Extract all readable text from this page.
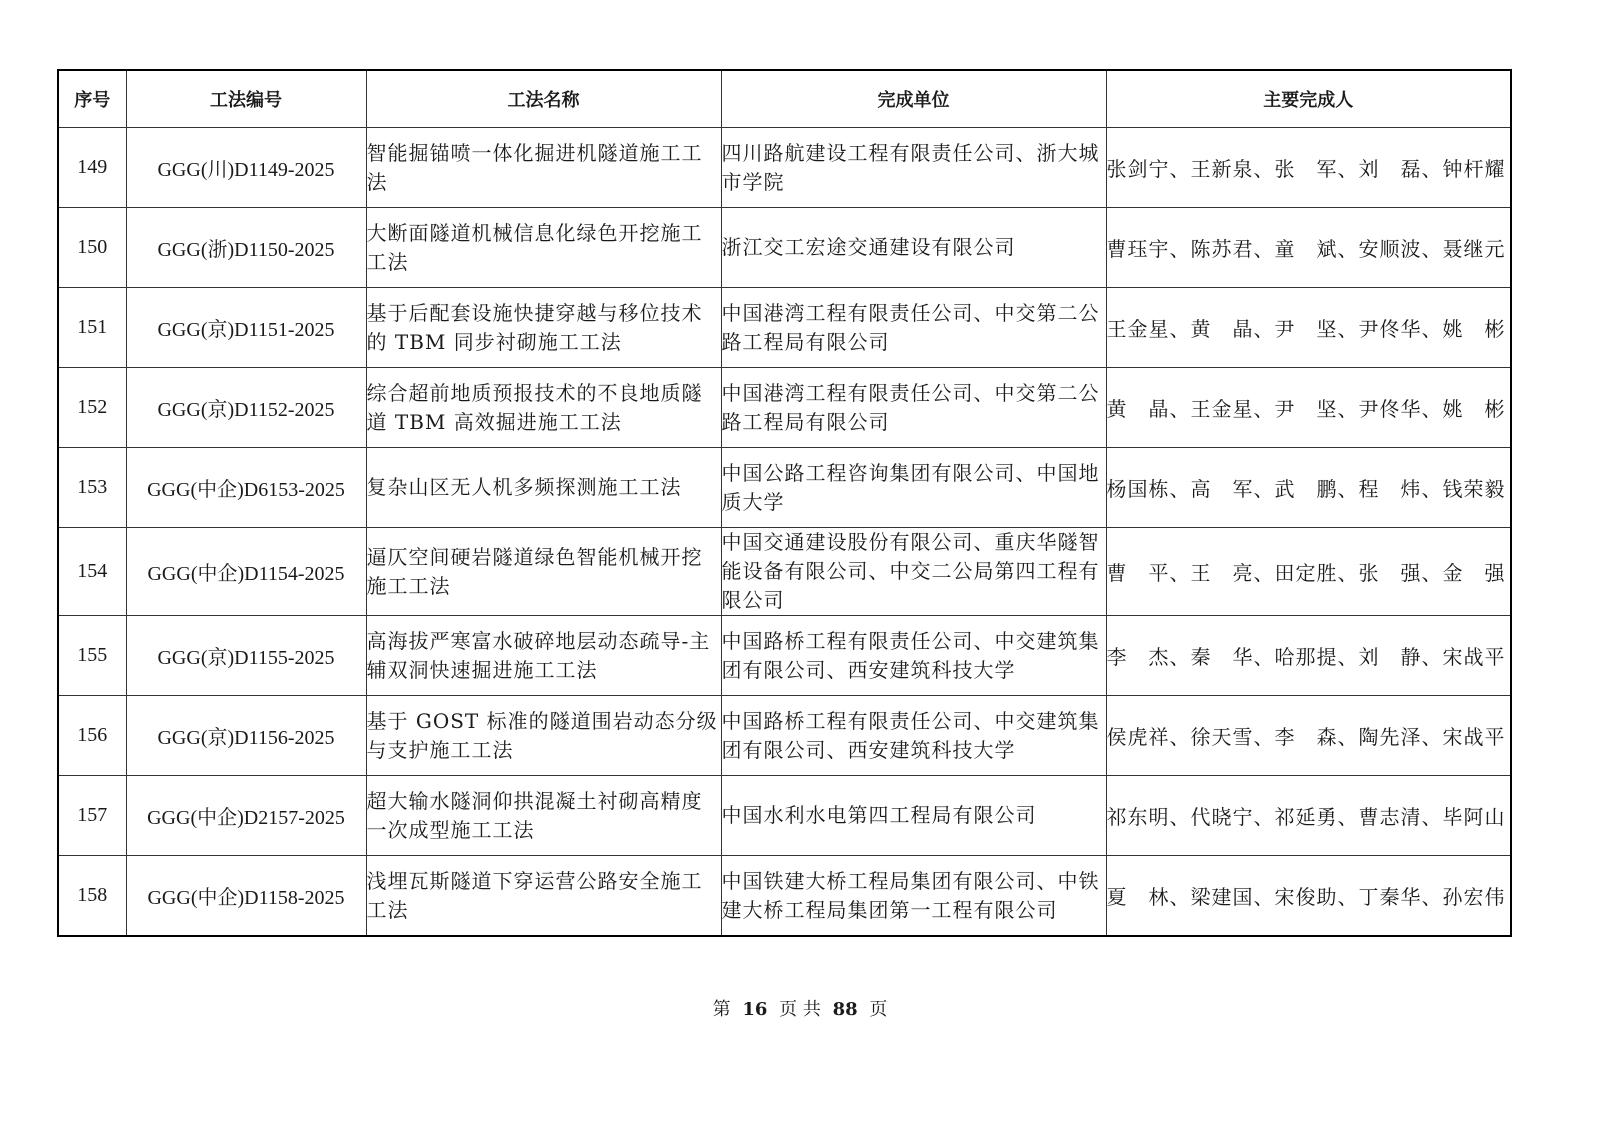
序号	工法编号	工法名称	完成单位	主要完成人
149	GGG(川)D1149-2025	智能掘锚喷一体化掘进机隧道施工工法	四川路航建设工程有限责任公司、浙大城市学院	张剑宁、王新泉、张　军、刘　磊、钟杆耀
150	GGG(浙)D1150-2025	大断面隧道机械信息化绿色开挖施工工法	浙江交工宏途交通建设有限公司	曹珏宇、陈苏君、童　斌、安顺波、聂继元
151	GGG(京)D1151-2025	基于后配套设施快捷穿越与移位技术的 TBM 同步衬砌施工工法	中国港湾工程有限责任公司、中交第二公路工程局有限公司	王金星、黄　晶、尹　坚、尹佟华、姚　彬
152	GGG(京)D1152-2025	综合超前地质预报技术的不良地质隧道 TBM 高效掘进施工工法	中国港湾工程有限责任公司、中交第二公路工程局有限公司	黄　晶、王金星、尹　坚、尹佟华、姚　彬
153	GGG(中企)D6153-2025	复杂山区无人机多频探测施工工法	中国公路工程咨询集团有限公司、中国地质大学	杨国栋、高　军、武　鹏、程　炜、钱荣毅
154	GGG(中企)D1154-2025	逼仄空间硬岩隧道绿色智能机械开挖施工工法	中国交通建设股份有限公司、重庆华隧智能设备有限公司、中交二公局第四工程有限公司	曹　平、王　亮、田定胜、张　强、金　强
155	GGG(京)D1155-2025	高海拔严寒富水破碎地层动态疏导-主辅双洞快速掘进施工工法	中国路桥工程有限责任公司、中交建筑集团有限公司、西安建筑科技大学	李　杰、秦　华、哈那提、刘　静、宋战平
156	GGG(京)D1156-2025	基于 GOST 标准的隧道围岩动态分级与支护施工工法	中国路桥工程有限责任公司、中交建筑集团有限公司、西安建筑科技大学	侯虎祥、徐天雪、李　森、陶先泽、宋战平
157	GGG(中企)D2157-2025	超大输水隧洞仰拱混凝土衬砌高精度一次成型施工工法	中国水利水电第四工程局有限公司	祁东明、代晓宁、祁延勇、曹志清、毕阿山
158	GGG(中企)D1158-2025	浅埋瓦斯隧道下穿运营公路安全施工工法	中国铁建大桥工程局集团有限公司、中铁建大桥工程局集团第一工程有限公司	夏　林、梁建国、宋俊助、丁秦华、孙宏伟
第 16 页 共 88 页
